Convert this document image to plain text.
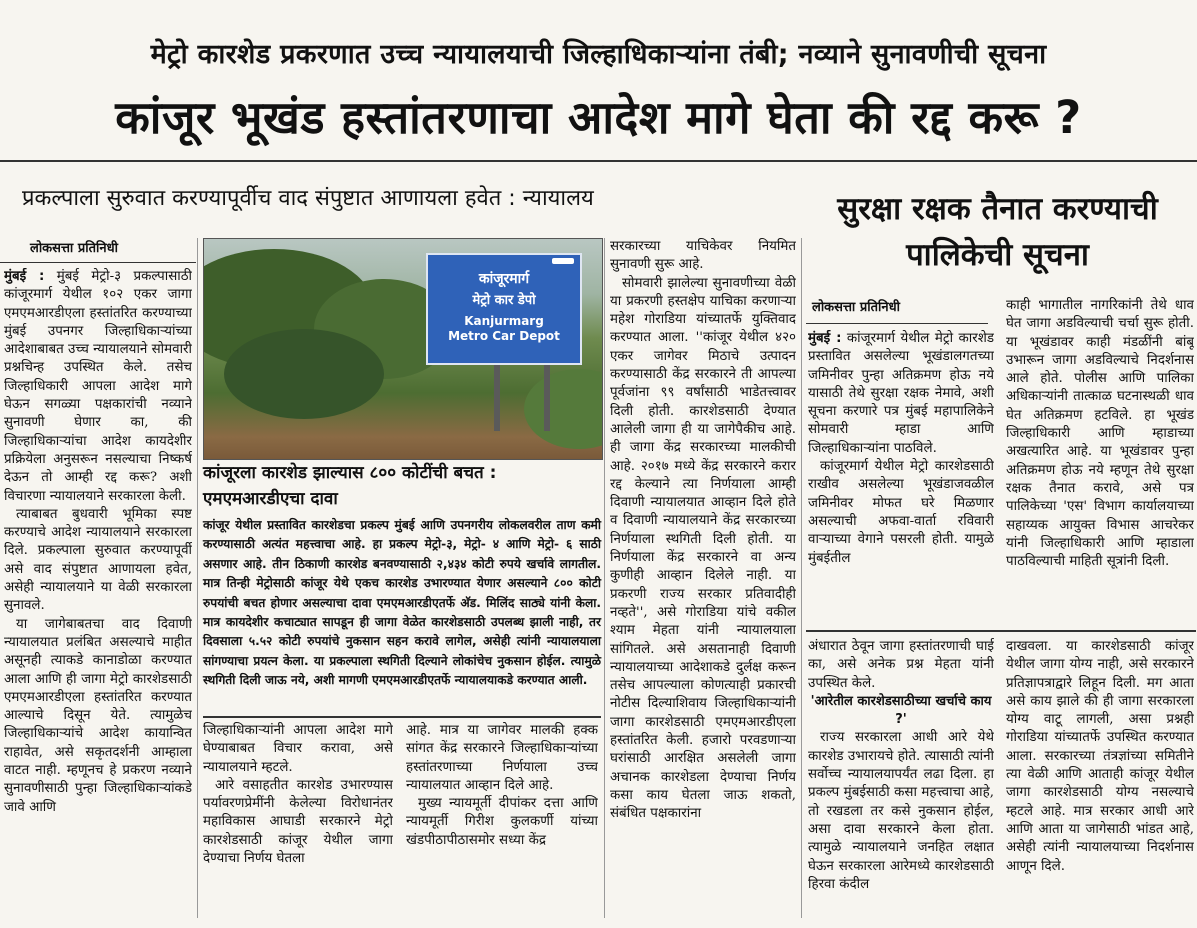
मेट्रो कारशेड प्रकरणात उच्च न्यायालयाची जिल्हाधिकाऱ्यांना तंबी; नव्याने सुनावणीची सूचना
कांजूर भूखंड हस्तांतरणाचा आदेश मागे घेता की रद्द करू ?
प्रकल्पाला सुरुवात करण्यापूर्वीच वाद संपुष्टात आणायला हवेत : न्यायालय	सुरक्षा रक्षक तैनात करण्याची पालिकेची सूचना
लोकसत्ता प्रतिनिधी

मुंबई : मुंबई मेट्रो-३ प्रकल्पासाठी कांजूरमार्ग येथील १०२ एकर जागा एमएमआरडीएला हस्तांतरित करण्याच्या मुंबई उपनगर जिल्हाधिकाऱ्यांच्या आदेशाबाबत उच्च न्यायालयाने सोमवारी प्रश्नचिन्ह उपस्थित केले. तसेच जिल्हाधिकारी आपला आदेश मागे घेऊन सगळ्या पक्षकारांची नव्याने सुनावणी घेणार का, की जिल्हाधिकाऱ्यांचा आदेश कायदेशीर प्रक्रियेला अनुसरून नसल्याचा निष्कर्ष देऊन तो आम्ही रद्द करू? अशी विचारणा न्यायालयाने सरकारला केली.

त्याबाबत बुधवारी भूमिका स्पष्ट करण्याचे आदेश न्यायालयाने सरकारला दिले. प्रकल्पाला सुरुवात करण्यापूर्वी असे वाद संपुष्टात आणायला हवेत, असेही न्यायालयाने या वेळी सरकारला सुनावले.

या जागेबाबतचा वाद दिवाणी न्यायालयात प्रलंबित असल्याचे माहीत असूनही त्याकडे कानाडोळा करण्यात आला आणि ही जागा मेट्रो कारशेडसाठी एमएमआरडीएला हस्तांतरित करण्यात आल्याचे दिसून येते. त्यामुळेच जिल्हाधिकाऱ्यांचे आदेश कायान्वित राहावेत, असे सकृतदर्शनी आम्हाला वाटत नाही. म्हणूनच हे प्रकरण नव्याने सुनावणीसाठी पुन्हा जिल्हाधिकाऱ्यांकडे जावे आणि

कांजूरमार्ग
मेट्रो कार डेपो
Kanjurmarg
Metro Car Depot
कांजूरला कारशेड झाल्यास ८०० कोटींची बचत : एमएमआरडीएचा दावा
कांजूर येथील प्रस्तावित कारशेडचा प्रकल्प मुंबई आणि उपनगरीय लोकलवरील ताण कमी करण्यासाठी अत्यंत महत्त्वाचा आहे. हा प्रकल्प मेट्रो-३, मेट्रो- ४ आणि मेट्रो- ६ साठी असणार आहे. तीन ठिकाणी कारशेड बनवण्यासाठी २,४३४ कोटी रुपये खर्चावे लागतील. मात्र तिन्ही मेट्रोसाठी कांजूर येथे एकच कारशेड उभारण्यात येणार असल्याने ८०० कोटी रुपयांची बचत होणार असल्याचा दावा एमएमआरडीएतर्फे अ‍ॅड. मिलिंद साठ्ये यांनी केला. मात्र कायदेशीर कचाट्यात सापडून ही जागा वेळेत कारशेडसाठी उपलब्ध झाली नाही, तर दिवसाला ५.५२ कोटी रुपयांचे नुकसान सहन करावे लागेल, असेही त्यांनी न्यायालयाला सांगण्याचा प्रयत्न केला. या प्रकल्पाला स्थगिती दिल्याने लोकांचेच नुकसान होईल. त्यामुळे स्थगिती दिली जाऊ नये, अशी मागणी एमएमआरडीएतर्फे न्यायालयाकडे करण्यात आली.

जिल्हाधिकाऱ्यांनी आपला आदेश मागे घेण्याबाबत विचार करावा, असे न्यायालयाने म्हटले.

आरे वसाहतीत कारशेड उभारण्यास पर्यावरणप्रेमींनी केलेल्या विरोधानंतर महाविकास आघाडी सरकारने मेट्रो कारशेडसाठी कांजूर येथील जागा देण्याचा निर्णय घेतला

आहे. मात्र या जागेवर मालकी हक्क सांगत केंद्र सरकारने जिल्हाधिकाऱ्यांच्या हस्तांतरणाच्या निर्णयाला उच्च न्यायालयात आव्हान दिले आहे.

मुख्य न्यायमूर्ती दीपांकर दत्ता आणि न्यायमूर्ती गिरीश कुलकर्णी यांच्या खंडपीठापीठासमोर सध्या केंद्र

सरकारच्या याचिकेवर नियमित सुनावणी सुरू आहे.

सोमवारी झालेल्या सुनावणीच्या वेळी या प्रकरणी हस्तक्षेप याचिका करणाऱ्या महेश गोराडिया यांच्यातर्फे युक्तिवाद करण्यात आला. ''कांजूर येथील ४२० एकर जागेवर मिठाचे उत्पादन करण्यासाठी केंद्र सरकारने ती आपल्या पूर्वजांना ९९ वर्षांसाठी भाडेतत्त्वावर दिली होती. कारशेडसाठी देण्यात आलेली जागा ही या जागेपैकीच आहे. ही जागा केंद्र सरकारच्या मालकीची आहे. २०१७ मध्ये केंद्र सरकारने करार रद्द केल्याने त्या निर्णयाला आम्ही दिवाणी न्यायालयात आव्हान दिले होते व दिवाणी न्यायालयाने केंद्र सरकारच्या निर्णयाला स्थगिती दिली होती. या निर्णयाला केंद्र सरकारने वा अन्य कुणीही आव्हान दिलेले नाही. या प्रकरणी राज्य सरकार प्रतिवादीही नव्हते'', असे गोराडिया यांचे वकील श्याम मेहता यांनी न्यायालयाला सांगितले. असे असतानाही दिवाणी न्यायालयाच्या आदेशाकडे दुर्लक्ष करून तसेच आपल्याला कोणत्याही प्रकारची नोटीस दिल्याशिवाय जिल्हाधिकाऱ्यांनी जागा कारशेडसाठी एमएमआरडीएला हस्तांतरित केली. हजारो परवडणाऱ्या घरांसाठी आरक्षित असलेली जागा अचानक कारशेडला देण्याचा निर्णय कसा काय घेतला जाऊ शकतो, संबंधित पक्षकारांना

लोकसत्ता प्रतिनिधी

मुंबई : कांजूरमार्ग येथील मेट्रो कारशेड प्रस्तावित असलेल्या भूखंडालगतच्या जमिनीवर पुन्हा अतिक्रमण होऊ नये यासाठी तेथे सुरक्षा रक्षक नेमावे, अशी सूचना करणारे पत्र मुंबई महापालिकेने सोमवारी म्हाडा आणि जिल्हाधिकाऱ्यांना पाठविले.

कांजूरमार्ग येथील मेट्रो कारशेडसाठी राखीव असलेल्या भूखंडाजवळील जमिनीवर मोफत घरे मिळणार असल्याची अफवा-वार्ता रविवारी वाऱ्याच्या वेगाने पसरली होती. यामुळे मुंबईतील

काही भागातील नागरिकांनी तेथे धाव घेत जागा अडविल्याची चर्चा सुरू होती. या भूखंडावर काही मंडळींनी बांबू उभारून जागा अडविल्याचे निदर्शनास आले होते. पोलीस आणि पालिका अधिकाऱ्यांनी तात्काळ घटनास्थळी धाव घेत अतिक्रमण हटविले. हा भूखंड जिल्हाधिकारी आणि म्हाडाच्या अखत्यारित आहे. या भूखंडावर पुन्हा अतिक्रमण होऊ नये म्हणून तेथे सुरक्षा रक्षक तैनात करावे, असे पत्र पालिकेच्या 'एस' विभाग कार्यालयाच्या सहाय्यक आयुक्त विभास आचरेकर यांनी जिल्हाधिकारी आणि म्हाडाला पाठविल्याची माहिती सूत्रांनी दिली.

अंधारात ठेवून जागा हस्तांतरणाची घाई का, असे अनेक प्रश्न मेहता यांनी उपस्थित केले.

'आरेतील कारशेडसाठीच्या खर्चाचे काय ?'

राज्य सरकारला आधी आरे येथे कारशेड उभारायचे होते. त्यासाठी त्यांनी सर्वोच्च न्यायालयापर्यंत लढा दिला. हा प्रकल्प मुंबईसाठी कसा महत्त्वाचा आहे, तो रखडला तर कसे नुकसान होईल, असा दावा सरकारने केला होता. त्यामुळे न्यायालयाने जनहित लक्षात घेऊन सरकारला आरेमध्ये कारशेडसाठी हिरवा कंदील

दाखवला. या कारशेडसाठी कांजूर येथील जागा योग्य नाही, असे सरकारने प्रतिज्ञापत्राद्वारे लिहून दिली. मग आता असे काय झाले की ही जागा सरकारला योग्य वाटू लागली, असा प्रश्नही गोराडिया यांच्यातर्फे उपस्थित करण्यात आला. सरकारच्या तंत्रज्ञांच्या समितीने त्या वेळी आणि आताही कांजूर येथील जागा कारशेडसाठी योग्य नसल्याचे म्हटले आहे. मात्र सरकार आधी आरे आणि आता या जागेसाठी भांडत आहे, असेही त्यांनी न्यायालयाच्या निदर्शनास आणून दिले.
